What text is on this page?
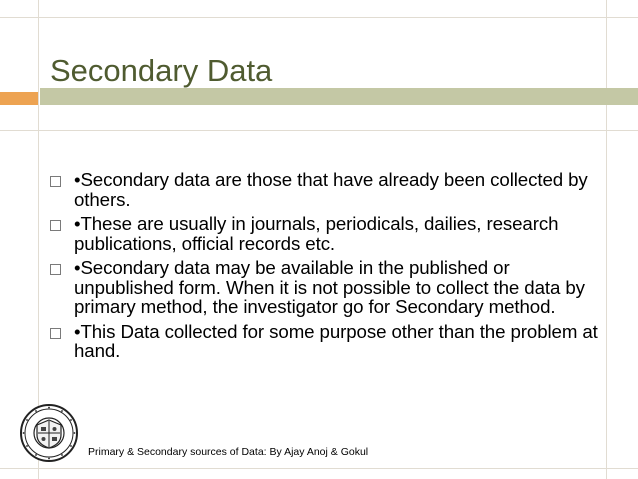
Secondary Data
•Secondary data are those that have already been collected by others.
•These are usually in journals, periodicals, dailies, research publications, official records etc.
•Secondary data may be available in the published or unpublished form. When it is not possible to collect the data by primary method, the investigator go for Secondary method.
•This Data collected for some purpose other than the problem at hand.
Primary & Secondary sources of Data: By Ajay Anoj & Gokul
